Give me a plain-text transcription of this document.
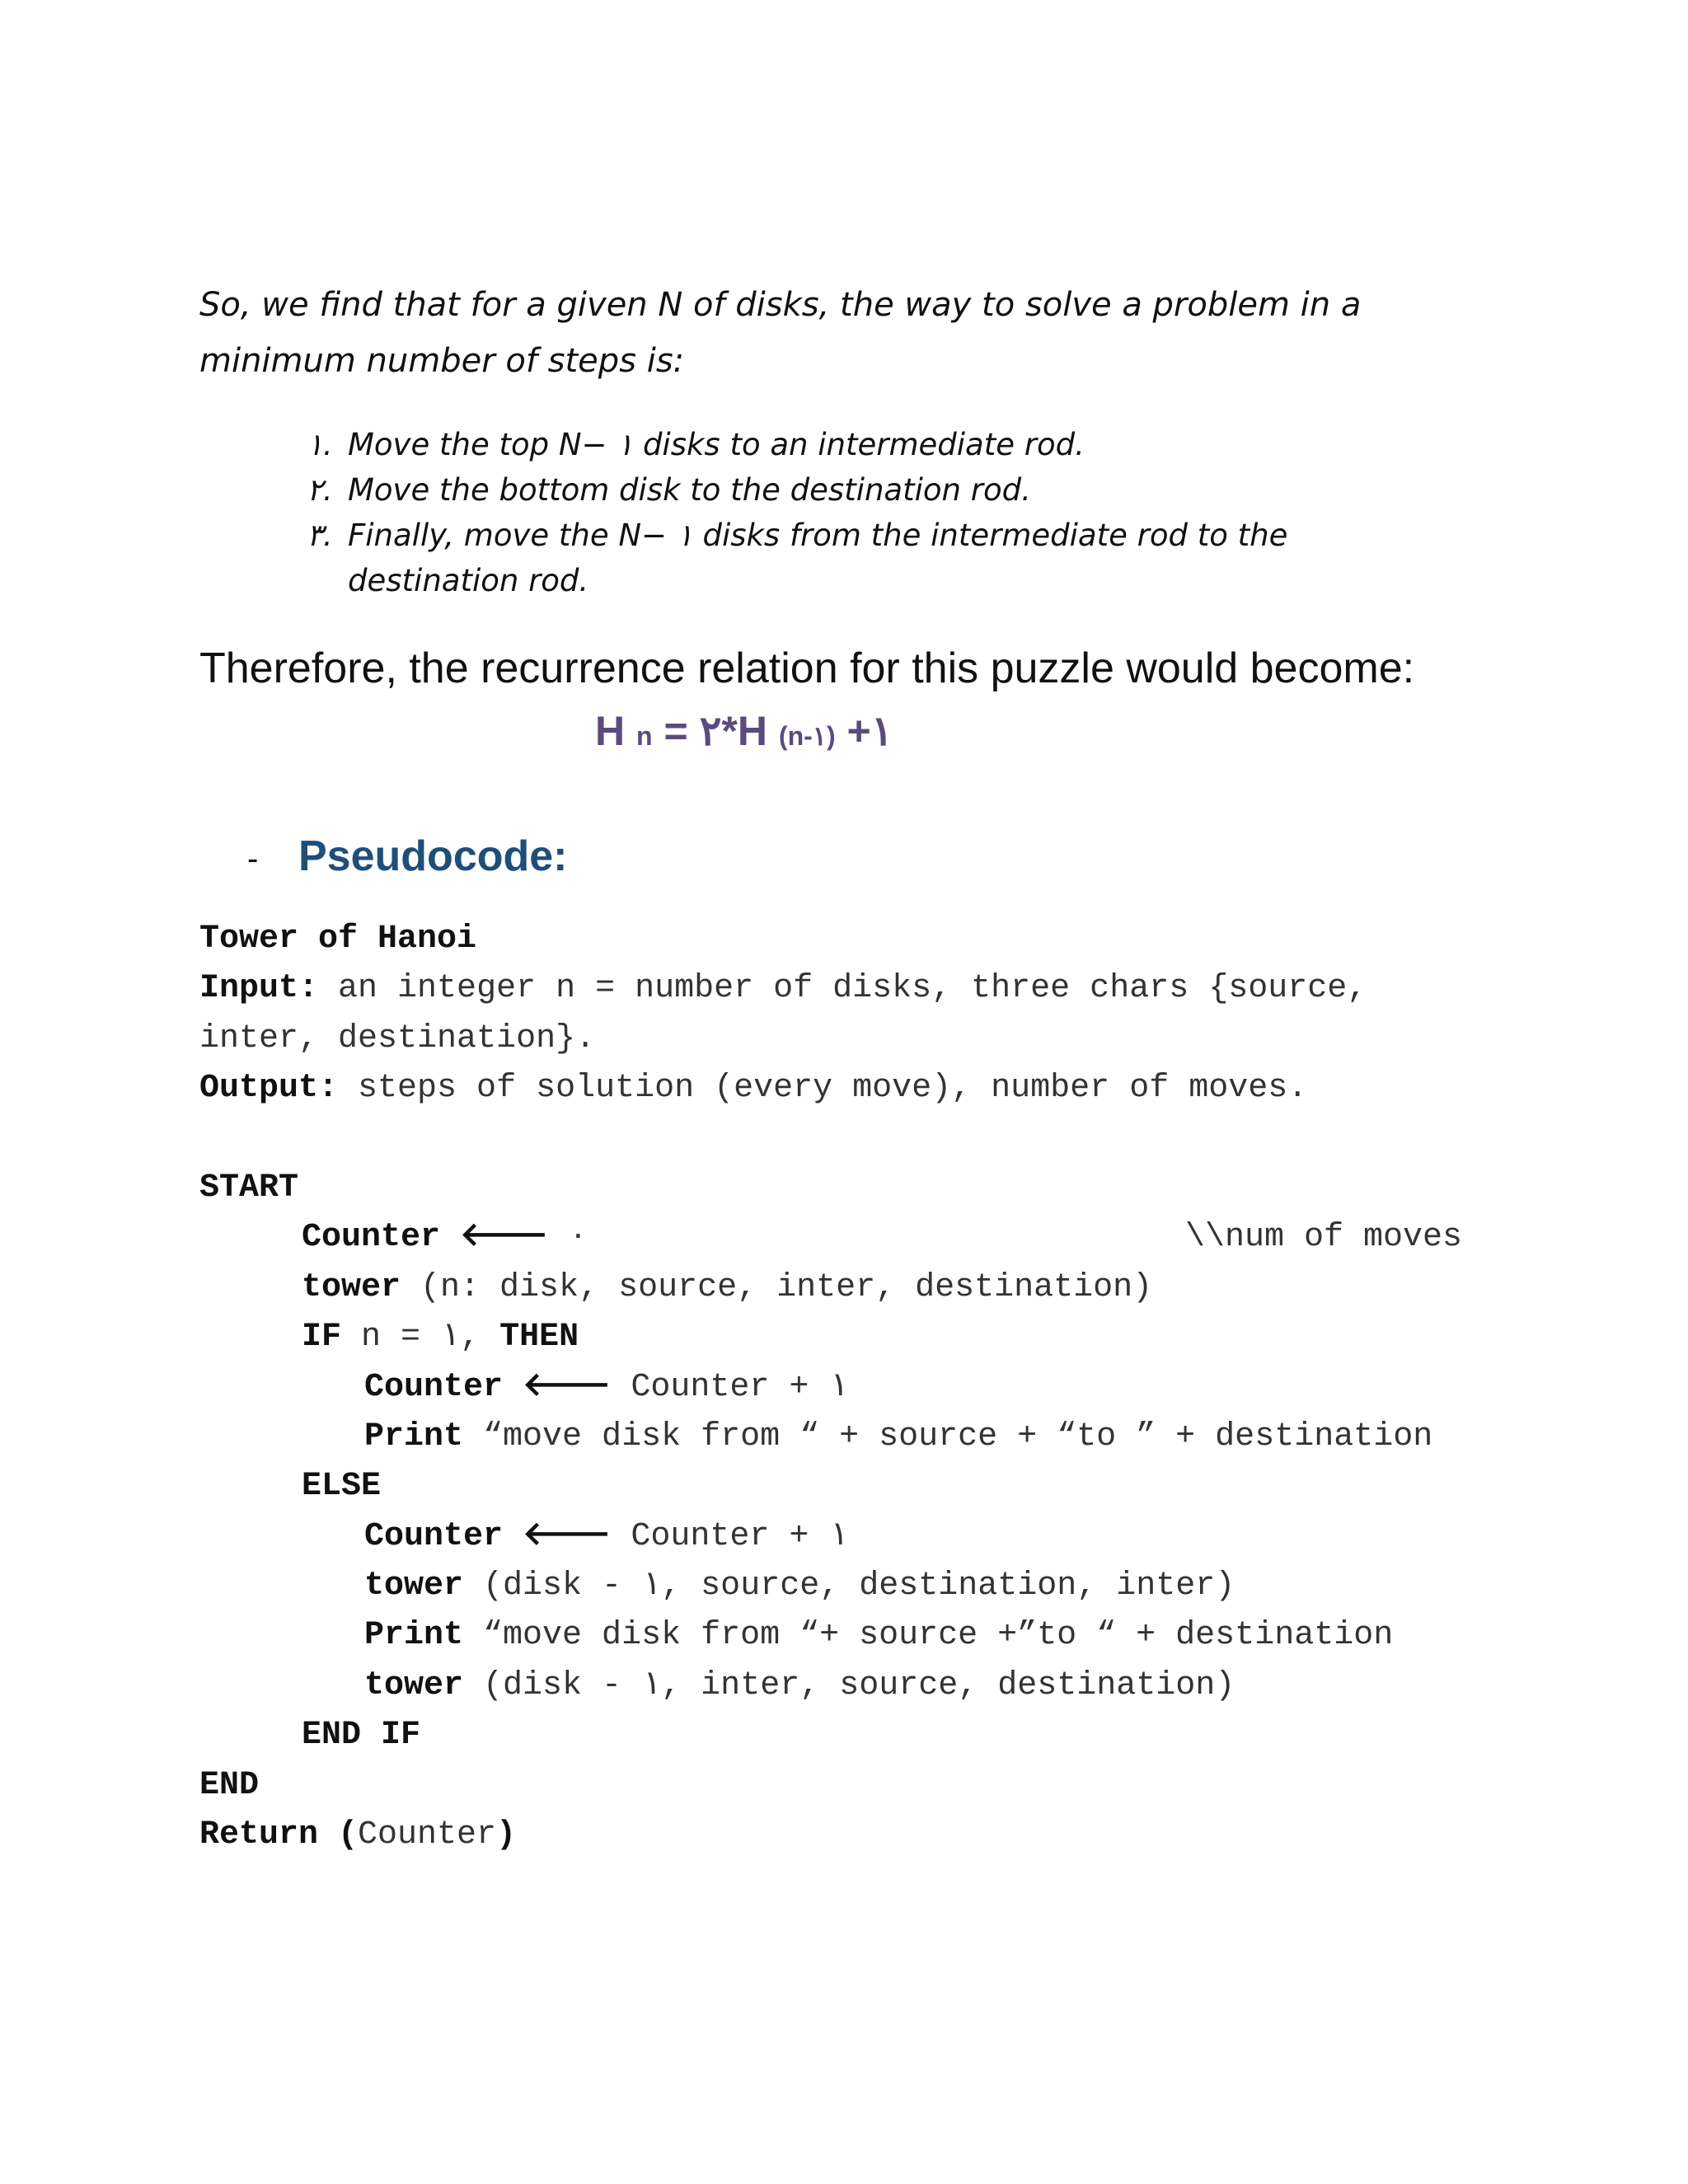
So, we find that for a given N of disks, the way to solve a problem in a minimum number of steps is:

١. Move the top N− ١ disks to an intermediate rod.
٢. Move the bottom disk to the destination rod.
٣. Finally, move the N− ١ disks from the intermediate rod to the destination rod.

Therefore, the recurrence relation for this puzzle would become:

H n = ٢*H (n-١) +١
- Pseudocode:
Tower of Hanoi
Input: an integer n = number of disks, three chars {source,
inter, destination}.
Output: steps of solution (every move), number of moves.
START
Counter 🡐 ٠	\\num of moves
tower (n: disk, source, inter, destination)
IF n = ١, THEN
Counter 🡐 Counter + ١
Print “move disk from “ + source + “to ” + destination
ELSE
Counter 🡐 Counter + ١
tower (disk - ١, source, destination, inter)
Print “move disk from “+ source +”to “ + destination
tower (disk - ١, inter, source, destination)
END IF
END
Return (Counter)
